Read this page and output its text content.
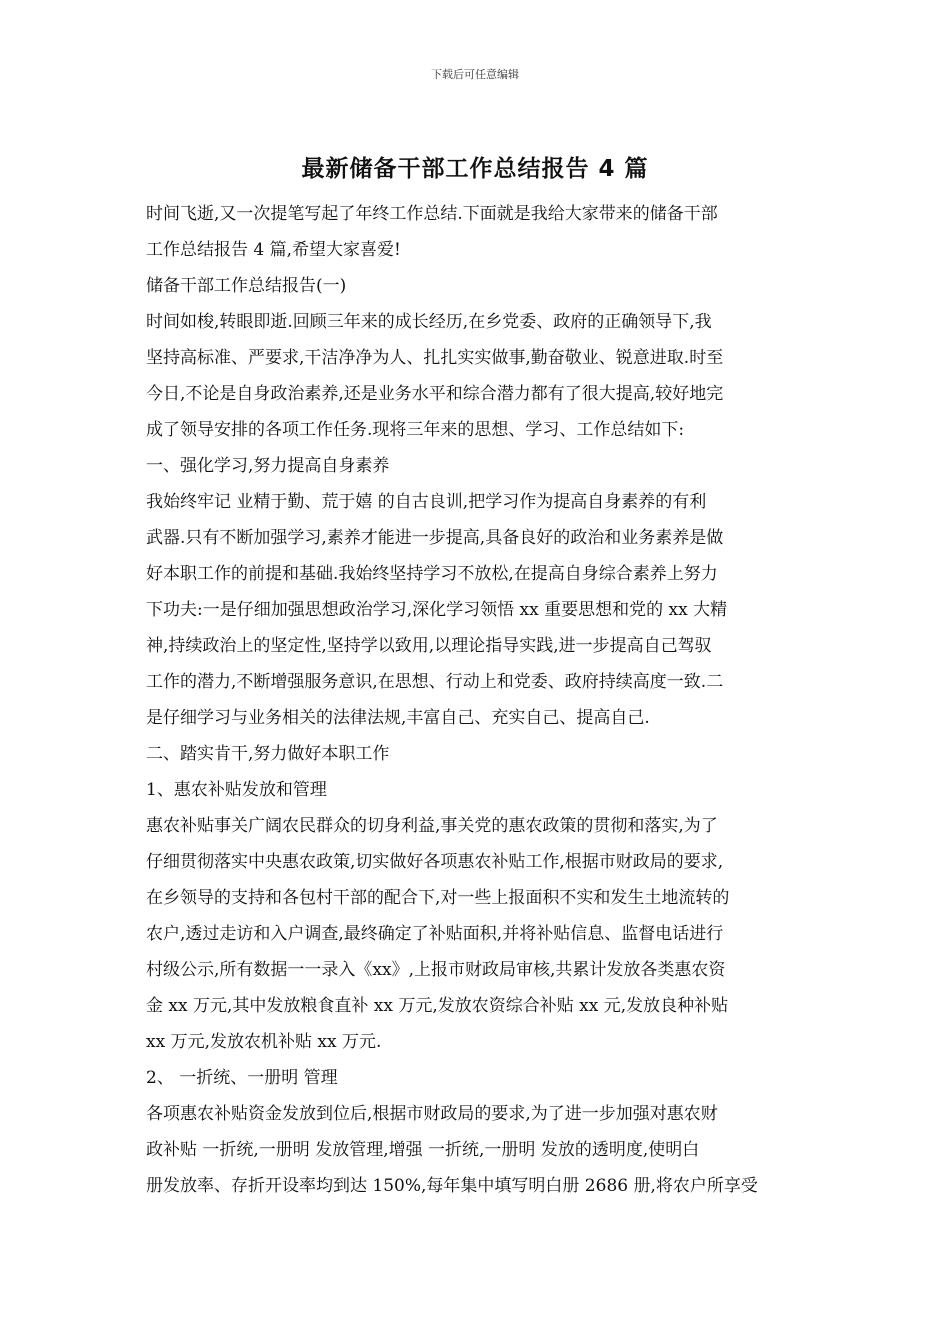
下载后可任意编辑
最新储备干部工作总结报告 4 篇
时间飞逝,又一次提笔写起了年终工作总结.下面就是我给大家带来的储备干部
工作总结报告 4 篇,希望大家喜爱!
储备干部工作总结报告(一)
时间如梭,转眼即逝.回顾三年来的成长经历,在乡党委、政府的正确领导下,我
坚持高标准、严要求,干洁净净为人、扎扎实实做事,勤奋敬业、锐意进取.时至
今日,不论是自身政治素养,还是业务水平和综合潜力都有了很大提高,较好地完
成了领导安排的各项工作任务.现将三年来的思想、学习、工作总结如下:
一、强化学习,努力提高自身素养
我始终牢记 业精于勤、荒于嬉 的自古良训,把学习作为提高自身素养的有利
武器.只有不断加强学习,素养才能进一步提高,具备良好的政治和业务素养是做
好本职工作的前提和基础.我始终坚持学习不放松,在提高自身综合素养上努力
下功夫:一是仔细加强思想政治学习,深化学习领悟 xx 重要思想和党的 xx 大精
神,持续政治上的坚定性,坚持学以致用,以理论指导实践,进一步提高自己驾驭
工作的潜力,不断增强服务意识,在思想、行动上和党委、政府持续高度一致.二
是仔细学习与业务相关的法律法规,丰富自己、充实自己、提高自己.
二、踏实肯干,努力做好本职工作
1、惠农补贴发放和管理
惠农补贴事关广阔农民群众的切身利益,事关党的惠农政策的贯彻和落实,为了
仔细贯彻落实中央惠农政策,切实做好各项惠农补贴工作,根据市财政局的要求,
在乡领导的支持和各包村干部的配合下,对一些上报面积不实和发生土地流转的
农户,透过走访和入户调查,最终确定了补贴面积,并将补贴信息、监督电话进行
村级公示,所有数据一一录入《xx》,上报市财政局审核,共累计发放各类惠农资
金 xx 万元,其中发放粮食直补 xx 万元,发放农资综合补贴 xx 元,发放良种补贴
xx 万元,发放农机补贴 xx 万元.
2、 一折统、一册明 管理
各项惠农补贴资金发放到位后,根据市财政局的要求,为了进一步加强对惠农财
政补贴 一折统,一册明 发放管理,增强 一折统,一册明 发放的透明度,使明白
册发放率、存折开设率均到达 150%,每年集中填写明白册 2686 册,将农户所享受
